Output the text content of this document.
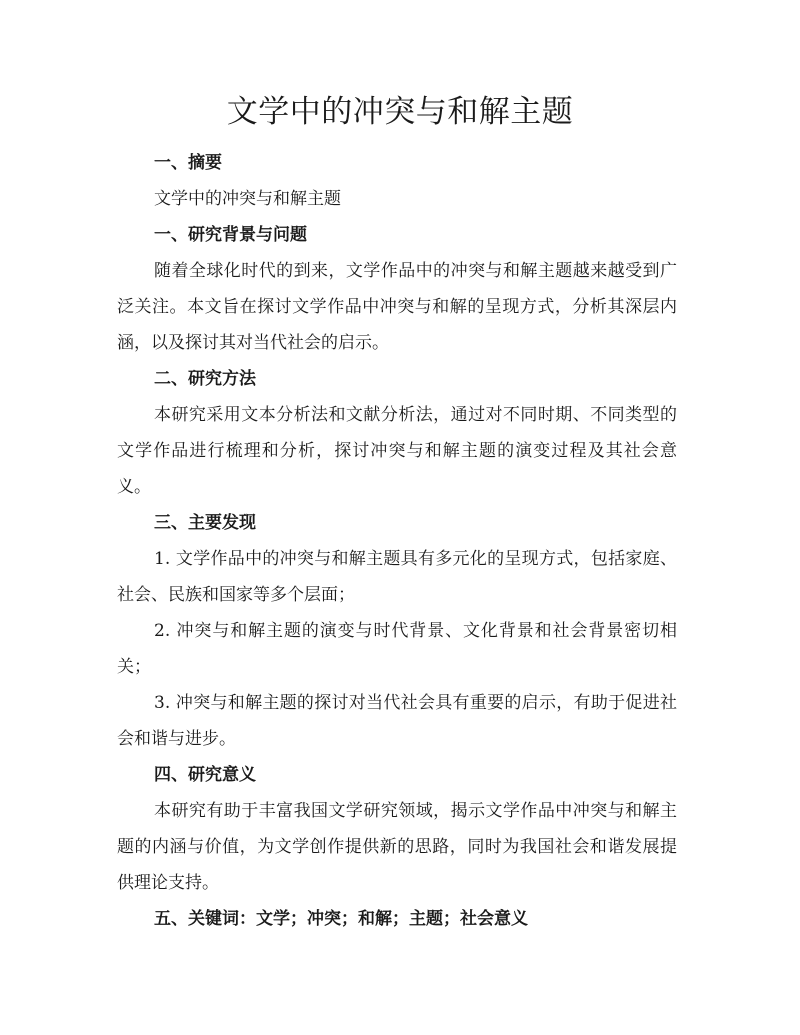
文学中的冲突与和解主题

一、摘要

文学中的冲突与和解主题

一、研究背景与问题

随着全球化时代的到来，文学作品中的冲突与和解主题越来越受到广泛关注。本文旨在探讨文学作品中冲突与和解的呈现方式，分析其深层内涵，以及探讨其对当代社会的启示。

二、研究方法

本研究采用文本分析法和文献分析法，通过对不同时期、不同类型的文学作品进行梳理和分析，探讨冲突与和解主题的演变过程及其社会意义。

三、主要发现

1. 文学作品中的冲突与和解主题具有多元化的呈现方式，包括家庭、社会、民族和国家等多个层面；

2. 冲突与和解主题的演变与时代背景、文化背景和社会背景密切相关；

3. 冲突与和解主题的探讨对当代社会具有重要的启示，有助于促进社会和谐与进步。

四、研究意义

本研究有助于丰富我国文学研究领域，揭示文学作品中冲突与和解主题的内涵与价值，为文学创作提供新的思路，同时为我国社会和谐发展提供理论支持。

五、关键词：文学；冲突；和解；主题；社会意义
